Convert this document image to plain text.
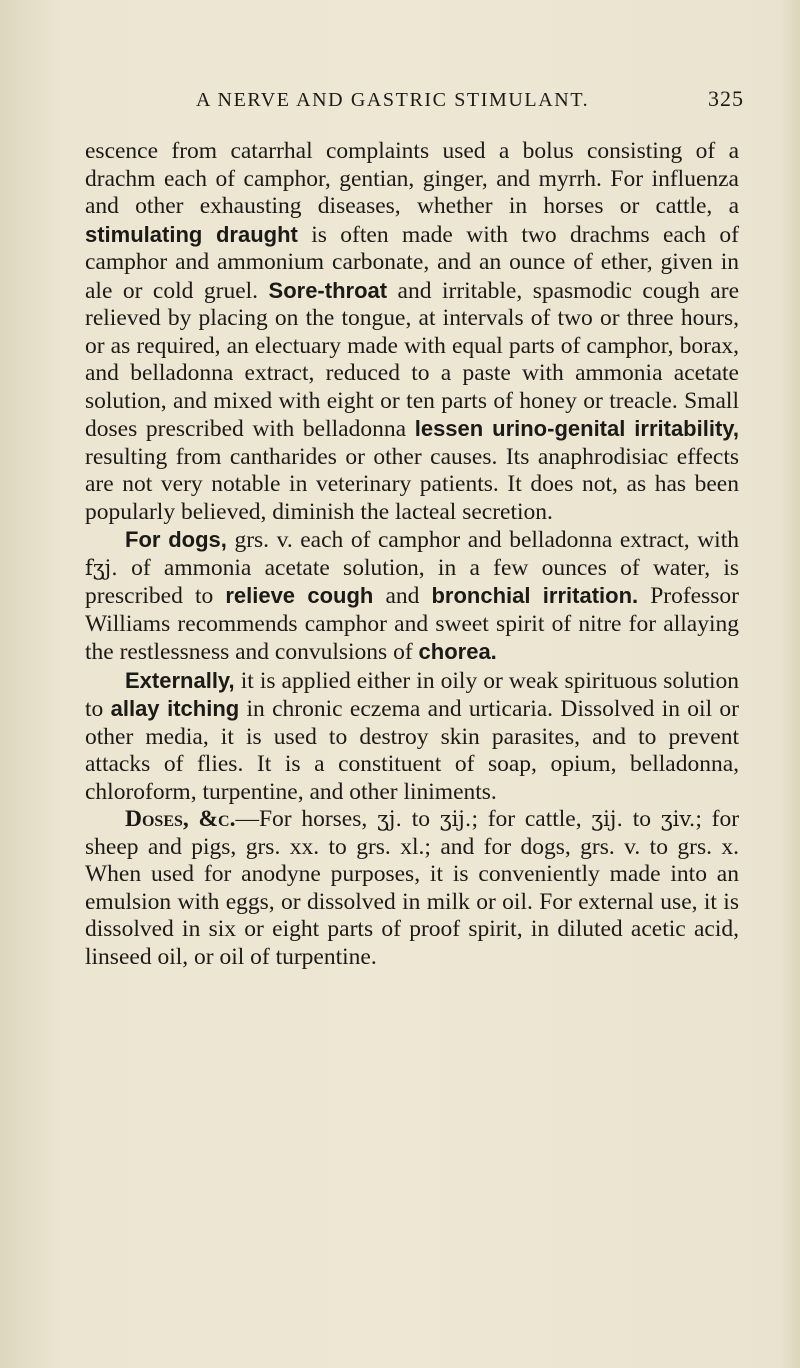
A NERVE AND GASTRIC STIMULANT.	325

escence from catarrhal complaints used a bolus consisting of a drachm each of camphor, gentian, ginger, and myrrh. For influenza and other exhausting diseases, whether in horses or cattle, a stimulating draught is often made with two drachms each of camphor and ammonium carbonate, and an ounce of ether, given in ale or cold gruel. Sore-throat and irritable, spasmodic cough are relieved by placing on the tongue, at intervals of two or three hours, or as required, an electuary made with equal parts of camphor, borax, and belladonna extract, reduced to a paste with ammonia acetate solution, and mixed with eight or ten parts of honey or treacle. Small doses prescribed with belladonna lessen urino-genital irritability, resulting from cantharides or other causes. Its anaphrodisiac effects are not very notable in veterinary patients. It does not, as has been popularly believed, diminish the lacteal secretion.

For dogs, grs. v. each of camphor and belladonna extract, with fʒj. of ammonia acetate solution, in a few ounces of water, is prescribed to relieve cough and bronchial irritation. Professor Williams recommends camphor and sweet spirit of nitre for allaying the restlessness and convulsions of chorea.

Externally, it is applied either in oily or weak spirituous solution to allay itching in chronic eczema and urticaria. Dissolved in oil or other media, it is used to destroy skin parasites, and to prevent attacks of flies. It is a constituent of soap, opium, belladonna, chloroform, turpentine, and other liniments.

Doses, &c.—For horses, ʒj. to ʒij.; for cattle, ʒij. to ʒiv.; for sheep and pigs, grs. xx. to grs. xl.; and for dogs, grs. v. to grs. x. When used for anodyne purposes, it is conveniently made into an emulsion with eggs, or dissolved in milk or oil. For external use, it is dissolved in six or eight parts of proof spirit, in diluted acetic acid, linseed oil, or oil of turpentine.
